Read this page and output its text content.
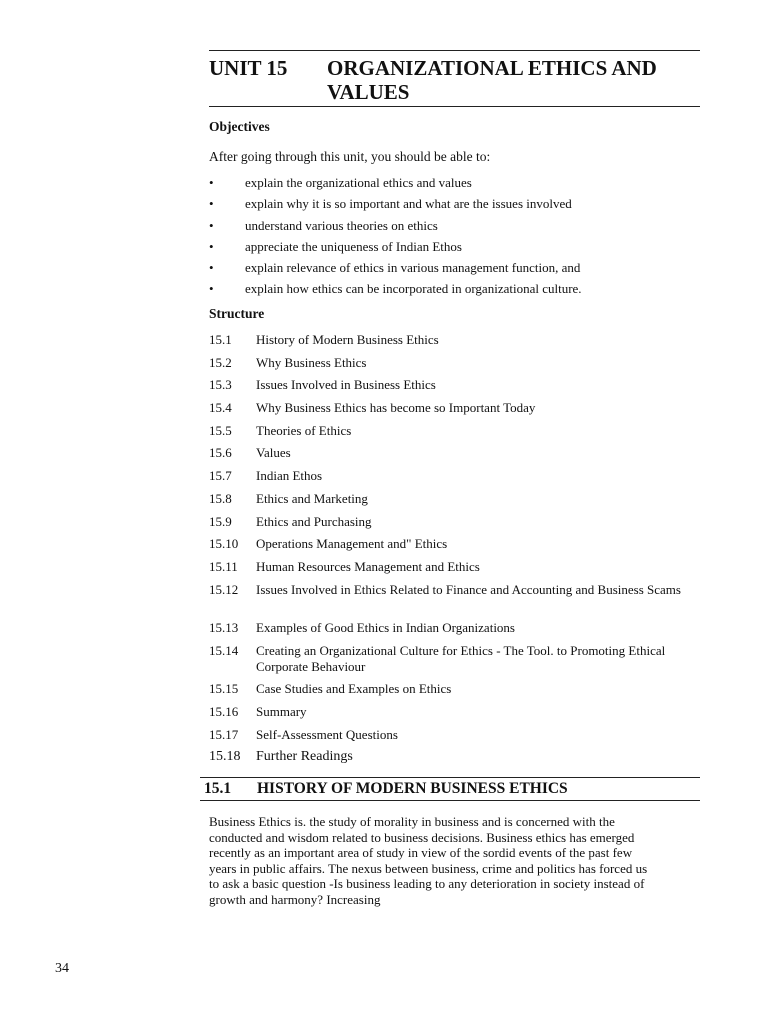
UNIT 15 ORGANIZATIONAL ETHICS AND VALUES
Objectives
After going through this unit, you should be able to:
• explain the organizational ethics and values
• explain why it is so important and what are the issues involved
• understand various theories on ethics
• appreciate the uniqueness of Indian Ethos
• explain relevance of ethics in various management function, and
• explain how ethics can be incorporated in organizational culture.
Structure
15.1 History of Modern Business Ethics
15.2 Why Business Ethics
15.3 Issues Involved in Business Ethics
15.4 Why Business Ethics has become so Important Today
15.5 Theories of Ethics
15.6 Values
15.7 Indian Ethos
15.8 Ethics and Marketing
15.9 Ethics and Purchasing
15.10 Operations Management and" Ethics
15.11 Human Resources Management and Ethics
15.12 Issues Involved in Ethics Related to Finance and Accounting and Business Scams
15.13 Examples of Good Ethics in Indian Organizations
15.14 Creating an Organizational Culture for Ethics - The Tool. to Promoting Ethical Corporate Behaviour
15.15 Case Studies and Examples on Ethics
15.16 Summary
15.17 Self-Assessment Questions
15.18 Further Readings
15.1 HISTORY OF MODERN BUSINESS ETHICS
Business Ethics is. the study of morality in business and is concerned with the
conducted and wisdom related to business decisions. Business ethics has emerged
recently as an important area of study in view of the sordid events of the past few
years in public affairs. The nexus between business, crime and politics has forced us
to ask a basic question -Is business leading to any deterioration in society instead of
growth and harmony? Increasing
34
